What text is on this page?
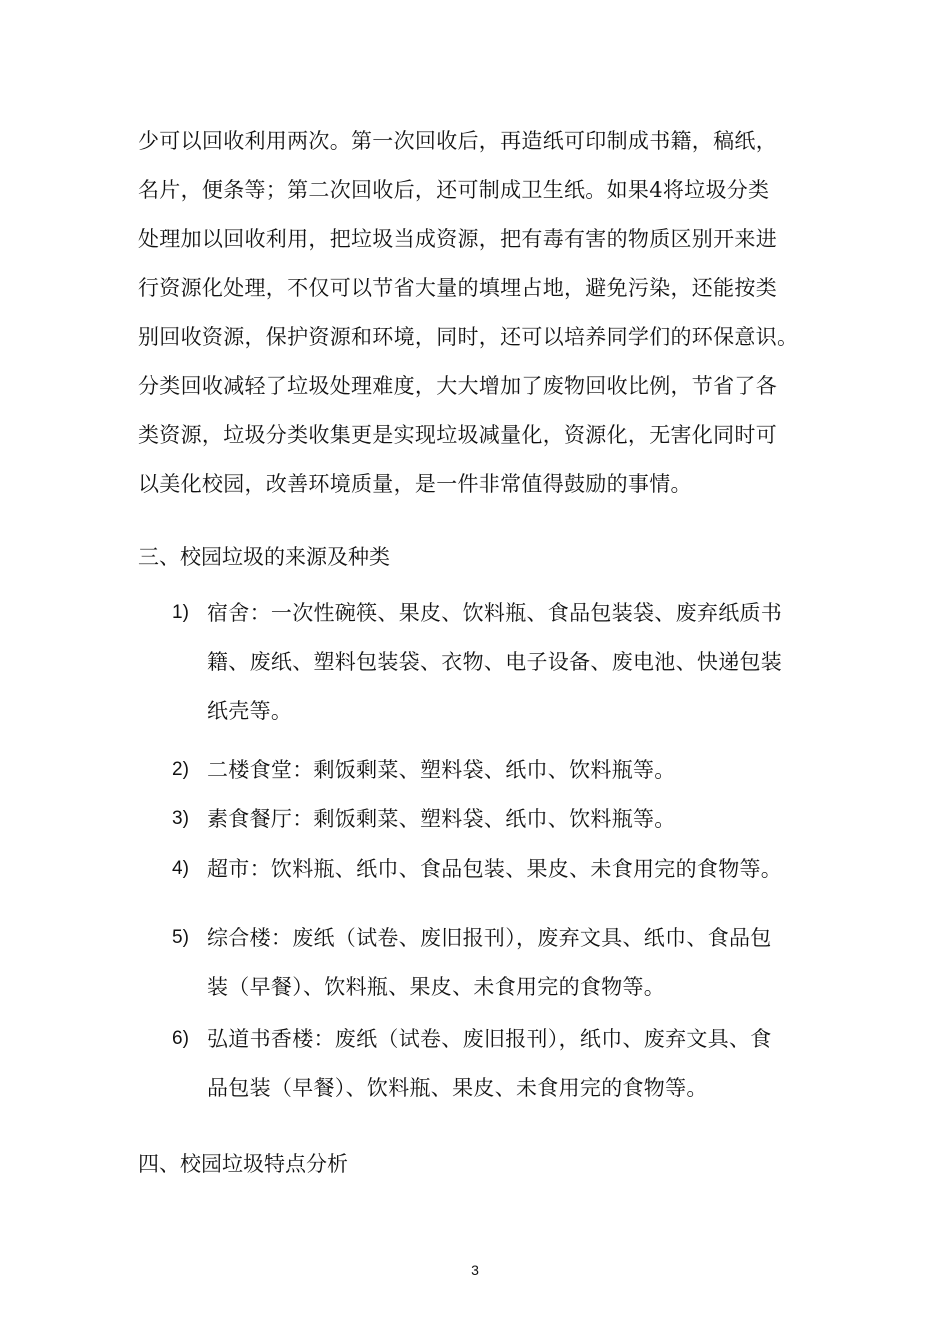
少可以回收利用两次。第一次回收后，再造纸可印制成书籍，稿纸，
名片，便条等；第二次回收后，还可制成卫生纸。如果4将垃圾分类
处理加以回收利用，把垃圾当成资源，把有毒有害的物质区别开来进
行资源化处理，不仅可以节省大量的填埋占地，避免污染，还能按类
别回收资源，保护资源和环境，同时，还可以培养同学们的环保意识。
分类回收减轻了垃圾处理难度，大大增加了废物回收比例，节省了各
类资源，垃圾分类收集更是实现垃圾减量化，资源化，无害化同时可
以美化校园，改善环境质量，是一件非常值得鼓励的事情。
三、校园垃圾的来源及种类
1) 宿舍：一次性碗筷、果皮、饮料瓶、食品包装袋、废弃纸质书
籍、废纸、塑料包装袋、衣物、电子设备、废电池、快递包装
纸壳等。
2) 二楼食堂：剩饭剩菜、塑料袋、纸巾、饮料瓶等。
3) 素食餐厅：剩饭剩菜、塑料袋、纸巾、饮料瓶等。
4) 超市：饮料瓶、纸巾、食品包装、果皮、未食用完的食物等。
5) 综合楼：废纸（试卷、废旧报刊），废弃文具、纸巾、食品包
装（早餐）、饮料瓶、果皮、未食用完的食物等。
6) 弘道书香楼：废纸（试卷、废旧报刊），纸巾、废弃文具、食
品包装（早餐）、饮料瓶、果皮、未食用完的食物等。
四、校园垃圾特点分析
3
